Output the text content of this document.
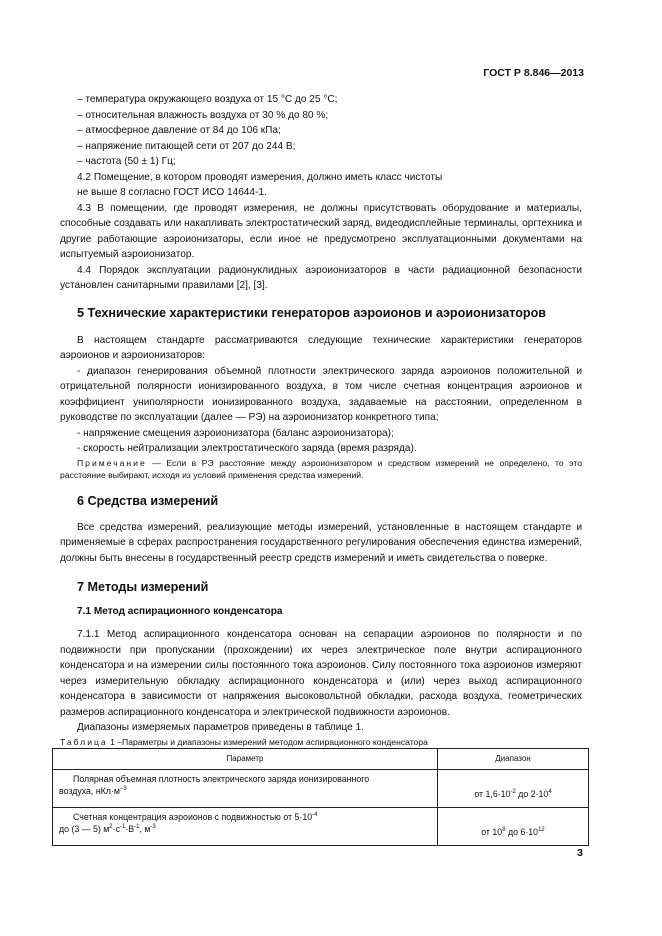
ГОСТ Р 8.846—2013

– температура окружающего воздуха от 15 °С до 25 °С;

– относительная влажность воздуха от 30 % до 80 %;

– атмосферное давление от 84 до 106 кПа;

– напряжение питающей сети от 207 до 244 В;

– частота (50 ± 1) Гц;

4.2 Помещение, в котором проводят измерения, должно иметь класс чистоты

не выше 8 согласно ГОСТ ИСО 14644-1.

4.3 В помещении, где проводят измерения, не должны присутствовать оборудование и материалы, способные создавать или накапливать электростатический заряд, видеодисплейные терминалы, оргтехника и другие работающие аэроионизаторы, если иное не предусмотрено эксплуатационными документами на испытуемый аэроионизатор.

4.4 Порядок эксплуатации радионуклидных аэроионизаторов в части радиационной безопасности установлен санитарными правилами [2], [3].

5 Технические характеристики генераторов аэроионов и аэроионизаторов

В настоящем стандарте рассматриваются следующие технические характеристики генераторов аэроионов и аэроионизаторов:

- диапазон генерирования объемной плотности электрического заряда аэроионов положительной и отрицательной полярности ионизированного воздуха, в том числе счетная концентрация аэроионов и коэффициент униполярности ионизированного воздуха, задаваемые на расстоянии, определенном в руководстве по эксплуатации (далее — РЭ) на аэроионизатор конкретного типа;

- напряжение смещения аэроионизатора (баланс аэроионизатора);

- скорость нейтрализации электростатического заряда (время разряда).

Примечание — Если в РЭ расстояние между аэроионизатором и средством измерений не определено, то это расстояние выбирают, исходя из условий применения средства измерений.

6 Средства измерений

Все средства измерений, реализующие методы измерений, установленные в настоящем стандарте и применяемые в сферах распространения государственного регулирования обеспечения единства измерений, должны быть внесены в государственный реестр средств измерений и иметь свидетельства о поверке.

7 Методы измерений
7.1 Метод аспирационного конденсатора

7.1.1 Метод аспирационного конденсатора основан на сепарации аэроионов по полярности и по подвижности при пропускании (прохождении) их через электрическое поле внутри аспирационного конденсатора и на измерении силы постоянного тока аэроионов. Силу постоянного тока аэроионов измеряют через измерительную обкладку аспирационного конденсатора и (или) через выход аспирационного конденсатора в зависимости от напряжения высоковольтной обкладки, расхода воздуха, геометрических размеров аспирационного конденсатора и электрической подвижности аэроионов.

Диапазоны измеряемых параметров приведены в таблице 1.

Таблица 1 –Параметры и диапазоны измерений методом аспирационного конденсатора

Параметр	Диапазон

Полярная объемная плотность электрического заряда ионизированного
воздуха, $нКл\cdot м^{-3}$	от $1,6\cdot 10^{-2}$ до $2\cdot 10^4$

Счетная концентрация аэроионов с подвижностью от $5\cdot 10^{-4}$
до (3 — 5) $м^2\cdot с^{-1}\cdot В^{-1}$, $м^{-3}$	от $10^8$ до $6\cdot 10^{12}$
3
